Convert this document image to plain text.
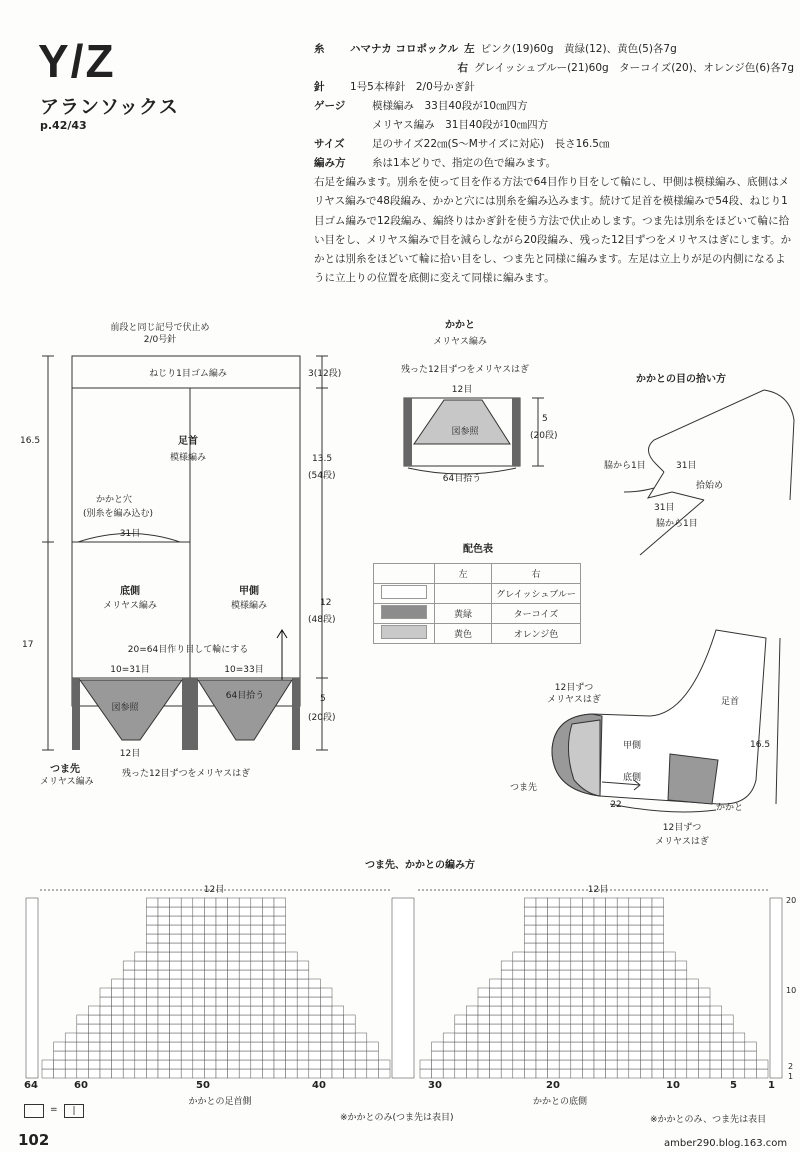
Y/Z
アランソックス
p.42/43
糸	ハマナカ コロポックル 左 ピンク(19)60g　黄緑(12)、黄色(5)各7g
右 グレイッシュブルー(21)60g　ターコイズ(20)、オレンジ色(6)各7g
針	1号5本棒針　2/0号かぎ針
ゲージ	模様編み　33目40段が10㎝四方
メリヤス編み　31目40段が10㎝四方
サイズ	足のサイズ22㎝(S〜Mサイズに対応)　長さ16.5㎝
編み方	糸は1本どりで、指定の色で編みます。
右足を編みます。別糸を使って目を作る方法で64目作り目をして輪にし、甲側は模様編み、底側はメリヤス編みで48段編み、かかと穴には別糸を編み込みます。続けて足首を模様編みで54段、ねじり1目ゴム編みで12段編み、編終りはかぎ針を使う方法で伏止めします。つま先は別糸をほどいて輪に拾い目をし、メリヤス編みで目を減らしながら20段編み、残った12目ずつをメリヤスはぎにします。かかとは別糸をほどいて輪に拾い目をし、つま先と同様に編みます。左足は立上りが足の内側になるように立上りの位置を底側に変えて同様に編みます。
前段と同じ記号で伏止め
2/0号針
ねじり1目ゴム編み	3(12段)
足首
模様編み
かかと穴
(別糸を編み込む)
31目
16.5
13.5
(54段)
底側
メリヤス編み
甲側
模様編み
17
12
(48段)
20=64目作り目して輪にする
10=31目	10=33目
64目拾う
図参照
5
(20段)
12目
つま先
メリヤス編み
残った12目ずつをメリヤスはぎ
かかと
メリヤス編み
残った12目ずつをメリヤスはぎ
12目
図参照
5
(20段)
64目拾う
かかとの目の拾い方
脇から1目	31目
拾始め
31目
脇から1目
配色表
	左	右
		グレイッシュブルー
	黄緑	ターコイズ
	黄色	オレンジ色
12目ずつ
メリヤスはぎ
甲側
底側
足首
つま先
かかと
22
16.5
12目ずつ
メリヤスはぎ
つま先、かかとの編み方
12目	12目
64	60	50	40	30	20	10	5	1
20
10
2
1
かかとの足首側	かかとの底側
※かかとのみ(つま先は表目)	※かかとのみ、つま先は表目
=	|
102	amber290.blog.163.com
